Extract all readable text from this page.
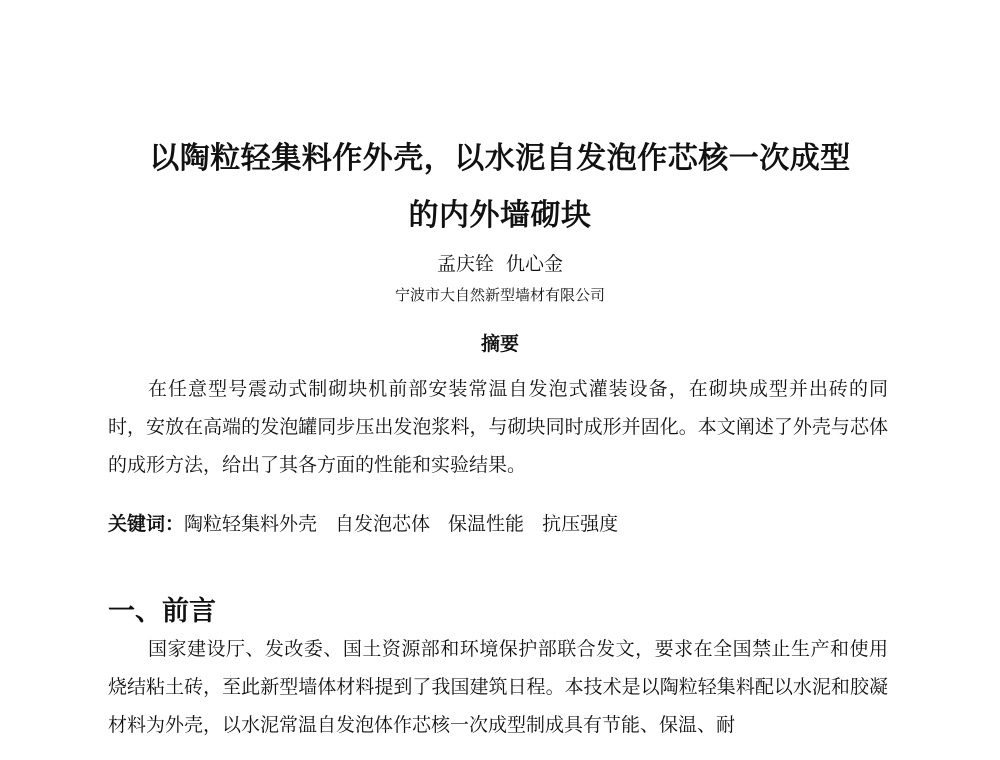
以陶粒轻集料作外壳，以水泥自发泡作芯核一次成型
的内外墙砌块
孟庆铨  仇心金
宁波市大自然新型墙材有限公司
摘要

在任意型号震动式制砌块机前部安装常温自发泡式灌装设备，在砌块成型并出砖的同时，安放在高端的发泡罐同步压出发泡浆料，与砌块同时成形并固化。本文阐述了外壳与芯体的成形方法，给出了其各方面的性能和实验结果。

关键词：陶粒轻集料外壳 自发泡芯体 保温性能 抗压强度
一、前言

国家建设厅、发改委、国土资源部和环境保护部联合发文，要求在全国禁止生产和使用烧结粘土砖，至此新型墙体材料提到了我国建筑日程。本技术是以陶粒轻集料配以水泥和胶凝材料为外壳，以水泥常温自发泡体作芯核一次成型制成具有节能、保温、耐
